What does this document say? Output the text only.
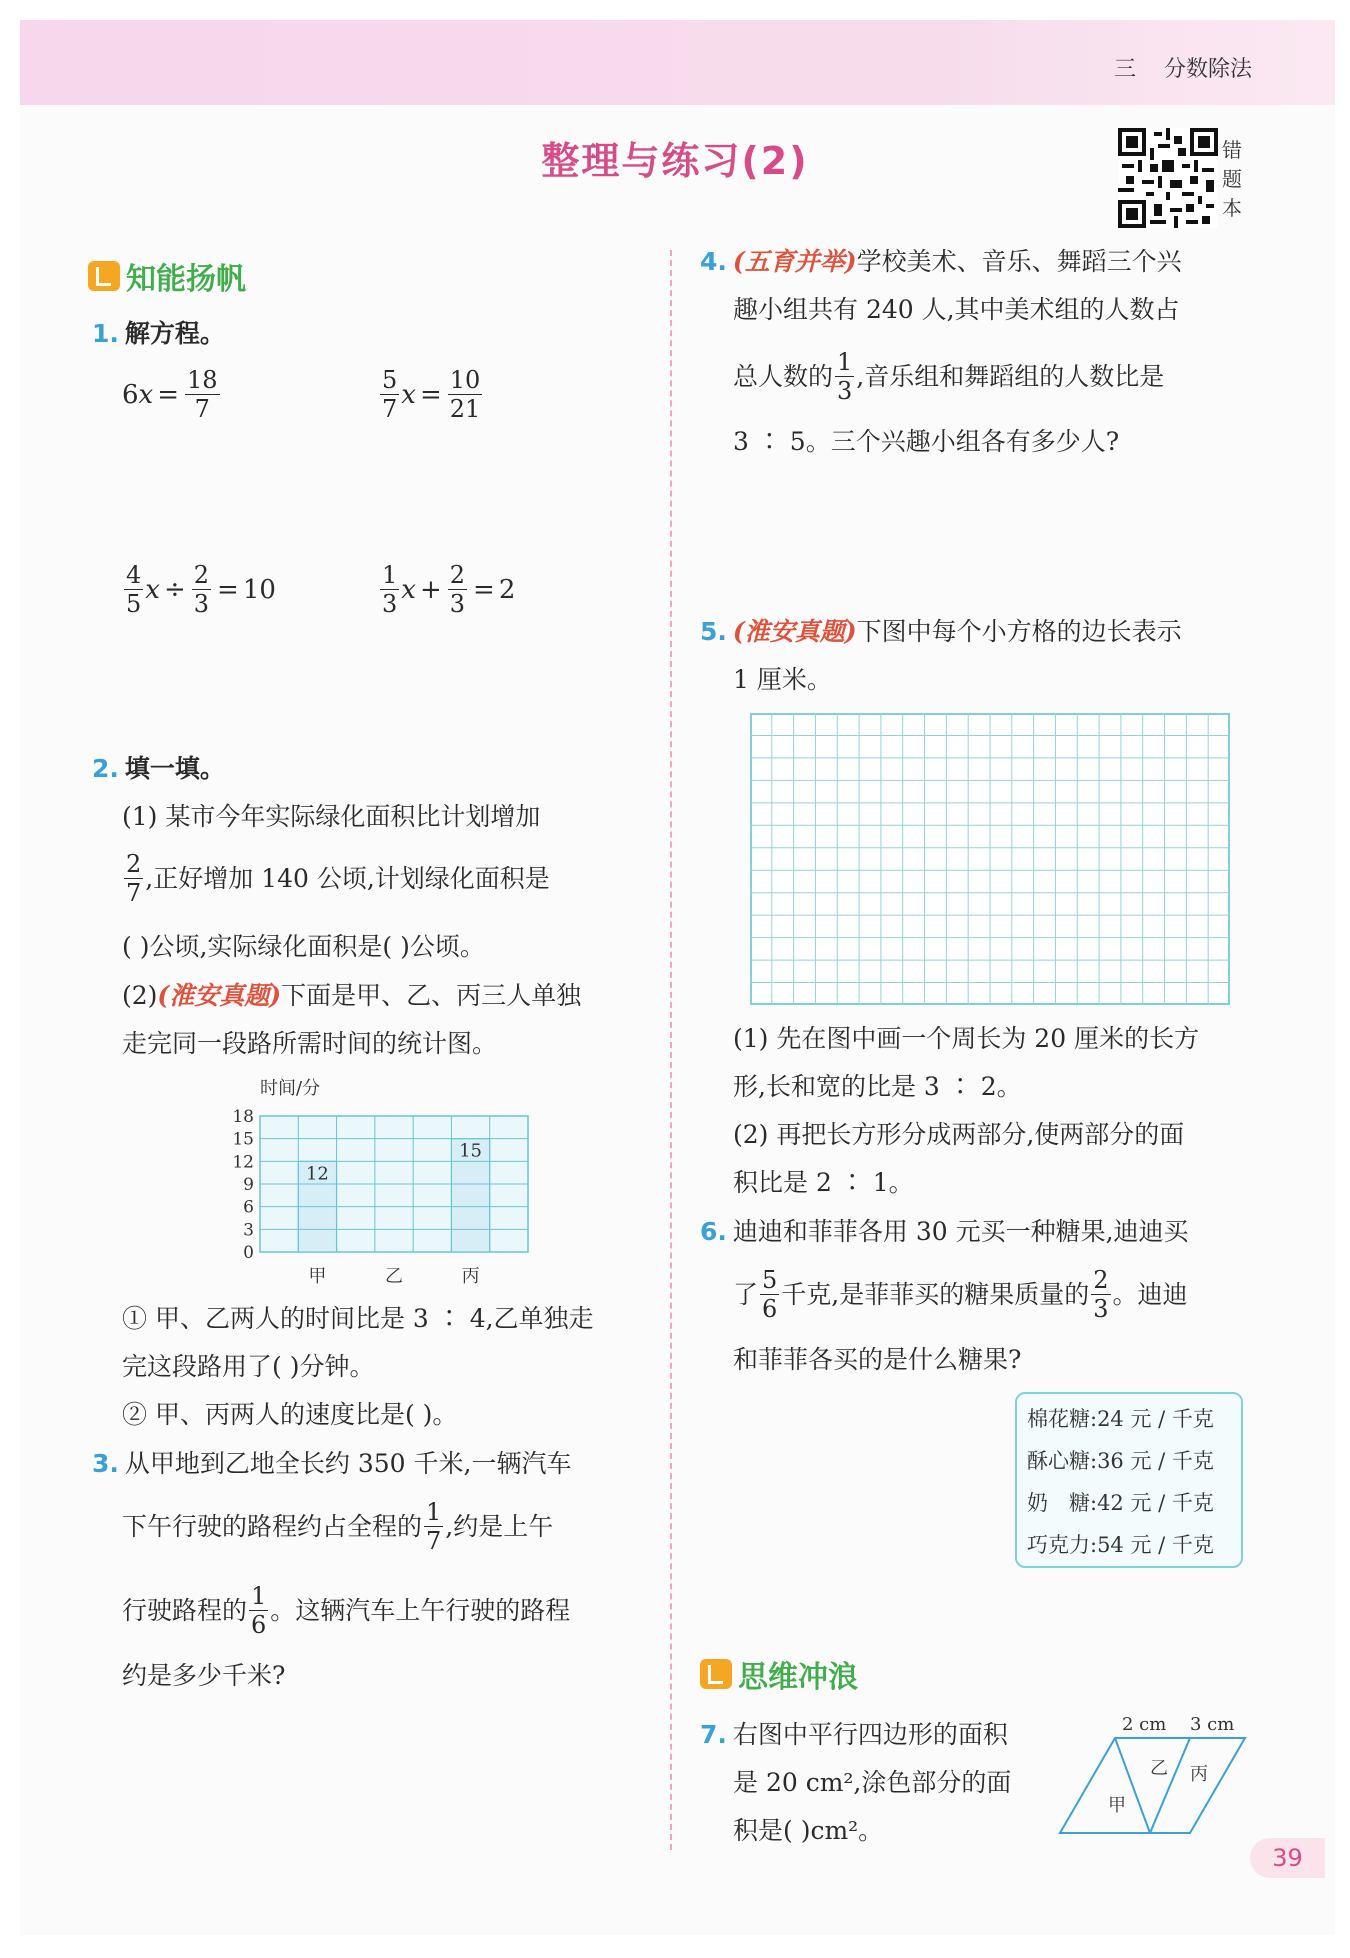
三 分数除法
整理与练习(2)	错
题
本
知能扬帆
1. 解方程。
6 $x = \frac{18}{7}$	$\frac{5}{7}$ $x = \frac{10}{21}$
$\frac{4}{5}$ $x \div \frac{2}{3} = 10$	$\frac{1}{3}$ $x + \frac{2}{3} = 2$
2. 填一填。
(1) 某市今年实际绿化面积比计划增加
$\frac{2}{7}$ ,正好增加 140 公顷,计划绿化面积是
( )公顷,实际绿化面积是( )公顷。
(2)(淮安真题)下面是甲、乙、丙三人单独
走完同一段路所需时间的统计图。
时间/分
0
3
6
9
12
15
18
甲	乙	丙
12
15
① 甲、乙两人的时间比是 3 ∶ 4,乙单独走
完这段路用了( )分钟。
② 甲、丙两人的速度比是( )。
3. 从甲地到乙地全长约 350 千米,一辆汽车
下午行驶的路程约占全程的 $\frac{1}{7}$ ,约是上午
行驶路程的 $\frac{1}{6}$ 。这辆汽车上午行驶的路程
约是多少千米?
4. (五育并举)学校美术、音乐、舞蹈三个兴
趣小组共有 240 人,其中美术组的人数占
总人数的 $\frac{1}{3}$ ,音乐组和舞蹈组的人数比是
3 ∶ 5。三个兴趣小组各有多少人?
5. (淮安真题)下图中每个小方格的边长表示
1 厘米。
(1) 先在图中画一个周长为 20 厘米的长方
形,长和宽的比是 3 ∶ 2。
(2) 再把长方形分成两部分,使两部分的面
积比是 2 ∶ 1。
6. 迪迪和菲菲各用 30 元买一种糖果,迪迪买
了 $\frac{5}{6}$ 千克,是菲菲买的糖果质量的 $\frac{2}{3}$ 。迪迪
和菲菲各买的是什么糖果?
棉花糖:24 元 / 千克
酥心糖:36 元 / 千克
奶　糖:42 元 / 千克
巧克力:54 元 / 千克
思维冲浪
7. 右图中平行四边形的面积
是 20 cm²,涂色部分的面
积是( )cm²。
2 cm 3 cm
甲
乙 丙
39
